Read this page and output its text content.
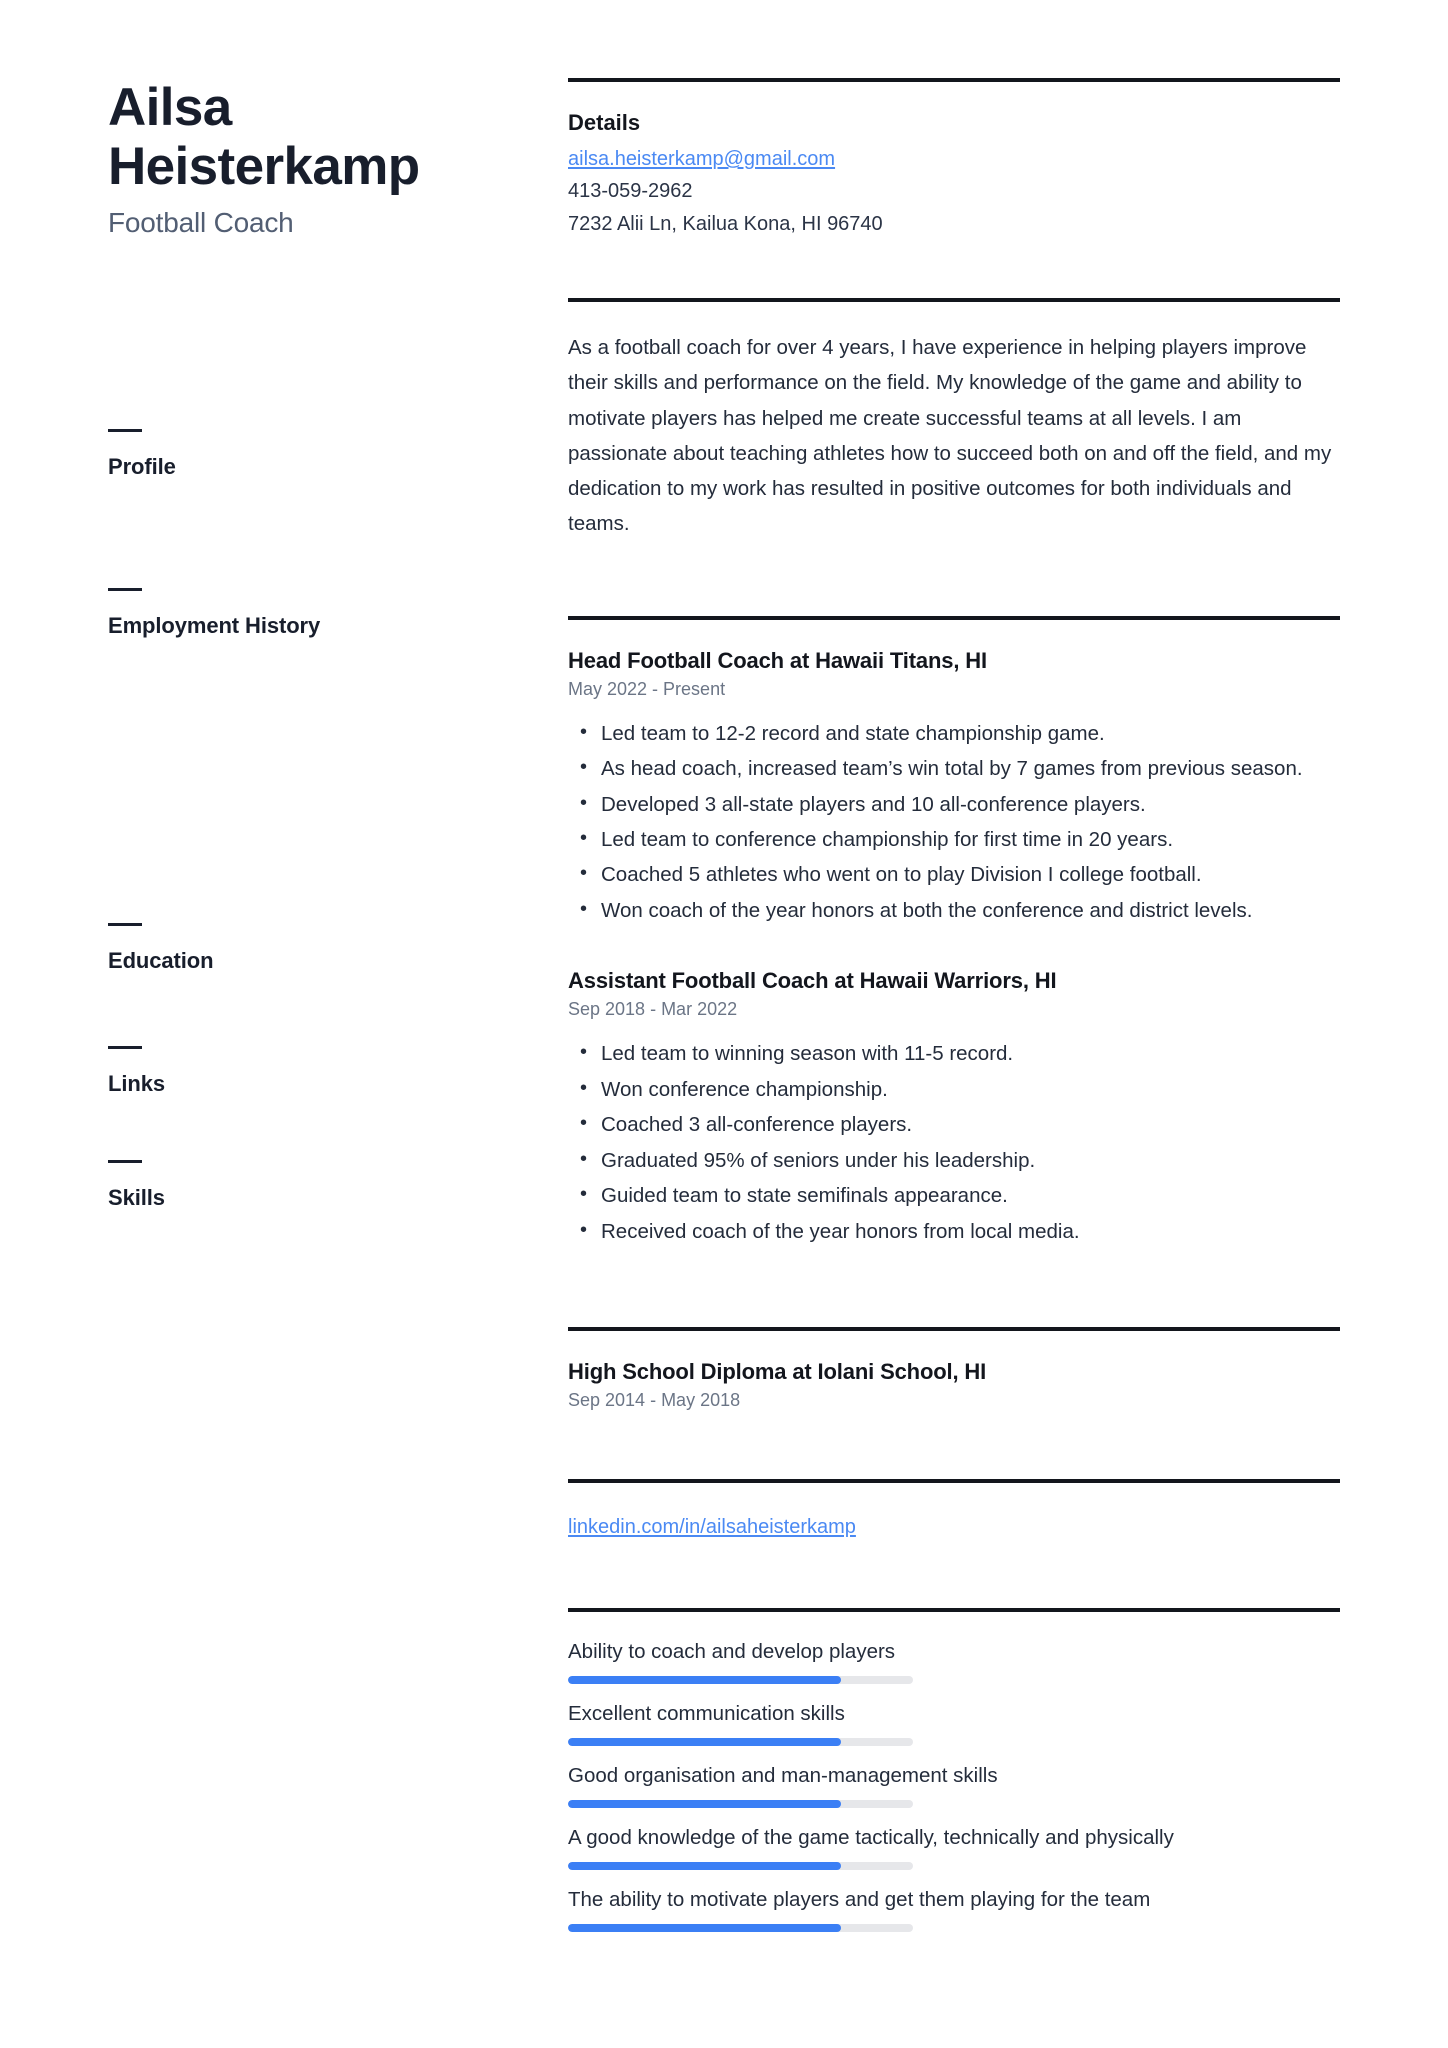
Ailsa Heisterkamp
Football Coach
Profile
Employment History
Education
Links
Skills
Details
ailsa.heisterkamp@gmail.com
413-059-2962
7232 Alii Ln, Kailua Kona, HI 96740

As a football coach for over 4 years, I have experience in helping players improve their skills and performance on the field. My knowledge of the game and ability to motivate players has helped me create successful teams at all levels. I am passionate about teaching athletes how to succeed both on and off the field, and my dedication to my work has resulted in positive outcomes for both individuals and teams.

Head Football Coach at Hawaii Titans, HI
May 2022 - Present
• Led team to 12-2 record and state championship game.
• As head coach, increased team’s win total by 7 games from previous season.
• Developed 3 all-state players and 10 all-conference players.
• Led team to conference championship for first time in 20 years.
• Coached 5 athletes who went on to play Division I college football.
• Won coach of the year honors at both the conference and district levels.
Assistant Football Coach at Hawaii Warriors, HI
Sep 2018 - Mar 2022
• Led team to winning season with 11-5 record.
• Won conference championship.
• Coached 3 all-conference players.
• Graduated 95% of seniors under his leadership.
• Guided team to state semifinals appearance.
• Received coach of the year honors from local media.
High School Diploma at Iolani School, HI
Sep 2014 - May 2018
linkedin.com/in/ailsaheisterkamp
Ability to coach and develop players
Excellent communication skills
Good organisation and man-management skills
A good knowledge of the game tactically, technically and physically
The ability to motivate players and get them playing for the team
